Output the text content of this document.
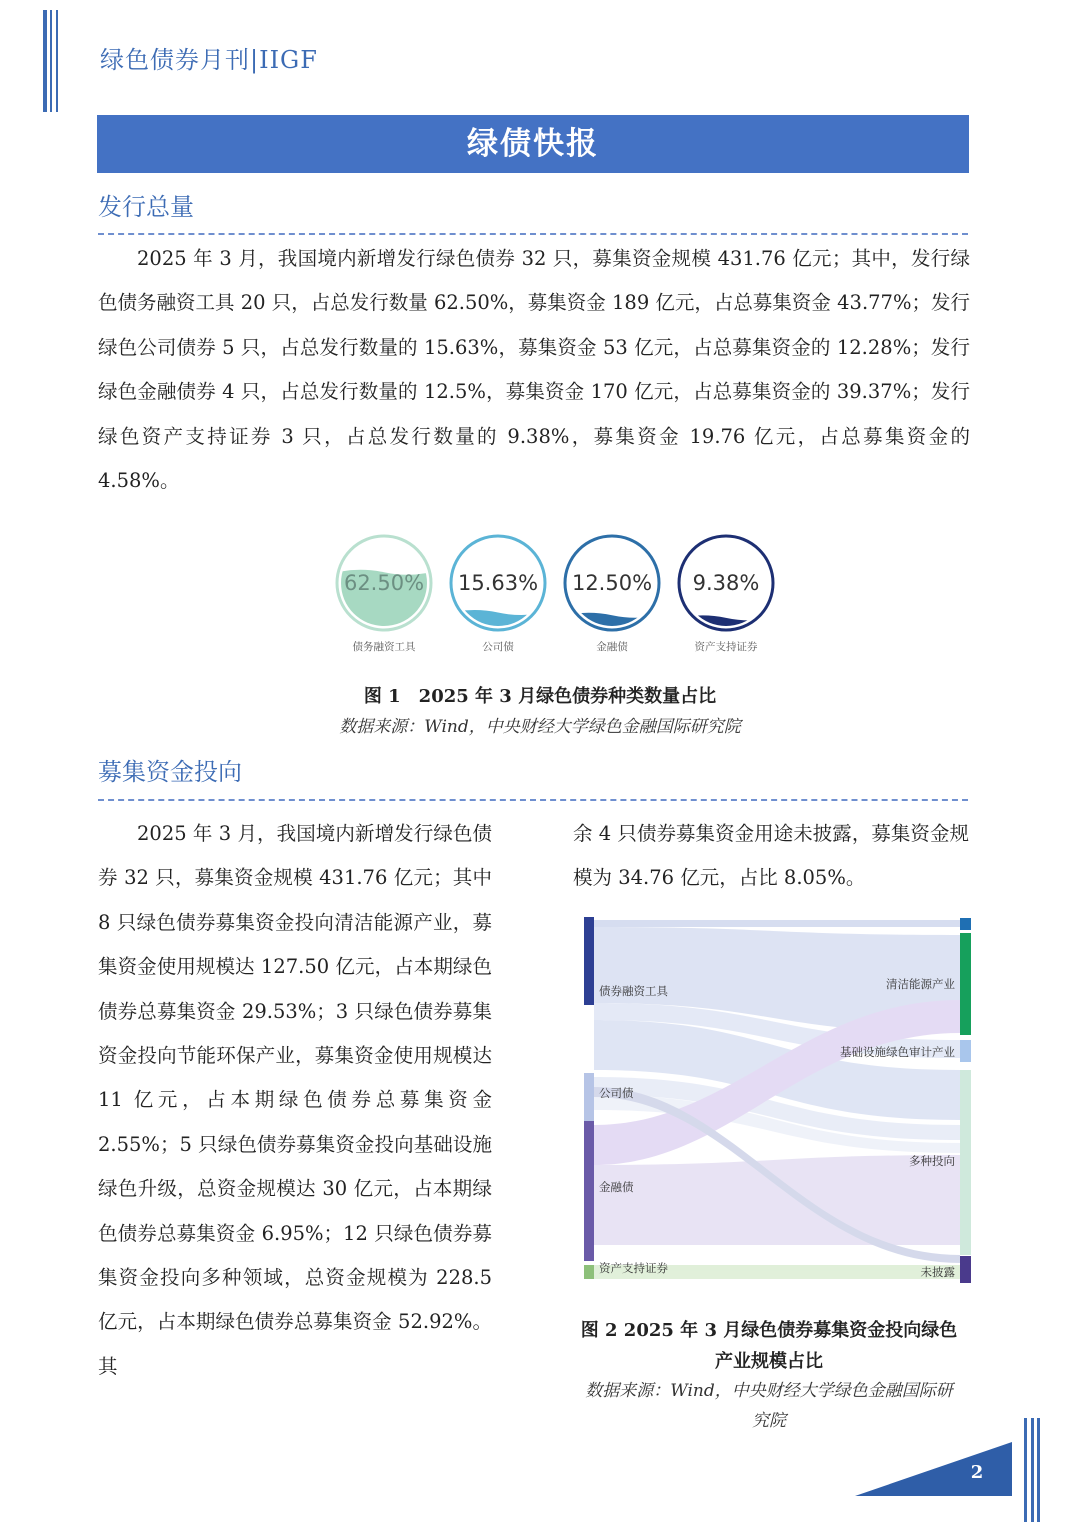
绿色债券月刊|IIGF
绿债快报
发行总量
2025 年 3 月，我国境内新增发行绿色债券 32 只，募集资金规模 431.76 亿元；其中，发行绿色债务融资工具 20 只，占总发行数量 62.50%，募集资金 189 亿元，占总募集资金 43.77%；发行绿色公司债券 5 只，占总发行数量的 15.63%，募集资金 53 亿元，占总募集资金的 12.28%；发行绿色金融债券 4 只，占总发行数量的 12.5%，募集资金 170 亿元，占总募集资金的 39.37%；发行绿色资产支持证券 3 只，占总发行数量的 9.38%，募集资金 19.76 亿元，占总募集资金的 4.58%。
62.50%
债务融资工具
15.63%
公司债
12.50%
金融债
9.38%
资产支持证券
图 1　2025 年 3 月绿色债券种类数量占比
数据来源：Wind，中央财经大学绿色金融国际研究院
募集资金投向
2025 年 3 月，我国境内新增发行绿色债券 32 只，募集资金规模 431.76 亿元；其中 8 只绿色债券募集资金投向清洁能源产业，募集资金使用规模达 127.50 亿元，占本期绿色债券总募集资金 29.53%；3 只绿色债券募集资金投向节能环保产业，募集资金使用规模达 11 亿元，占本期绿色债券总募集资金 2.55%；5 只绿色债券募集资金投向基础设施绿色升级，总资金规模达 30 亿元，占本期绿色债券总募集资金 6.95%；12 只绿色债券募集资金投向多种领域，总资金规模为 228.5 亿元，占本期绿色债券总募集资金 52.92%。其
余 4 只债券募集资金用途未披露，募集资金规模为 34.76 亿元，占比 8.05%。
债券融资工具
公司债
金融债
资产支持证券
清洁能源产业
基础设施绿色审计产业
多种投向
未披露
图 2 2025 年 3 月绿色债券募集资金投向绿色
产业规模占比
数据来源：Wind，中央财经大学绿色金融国际研
究院
2
